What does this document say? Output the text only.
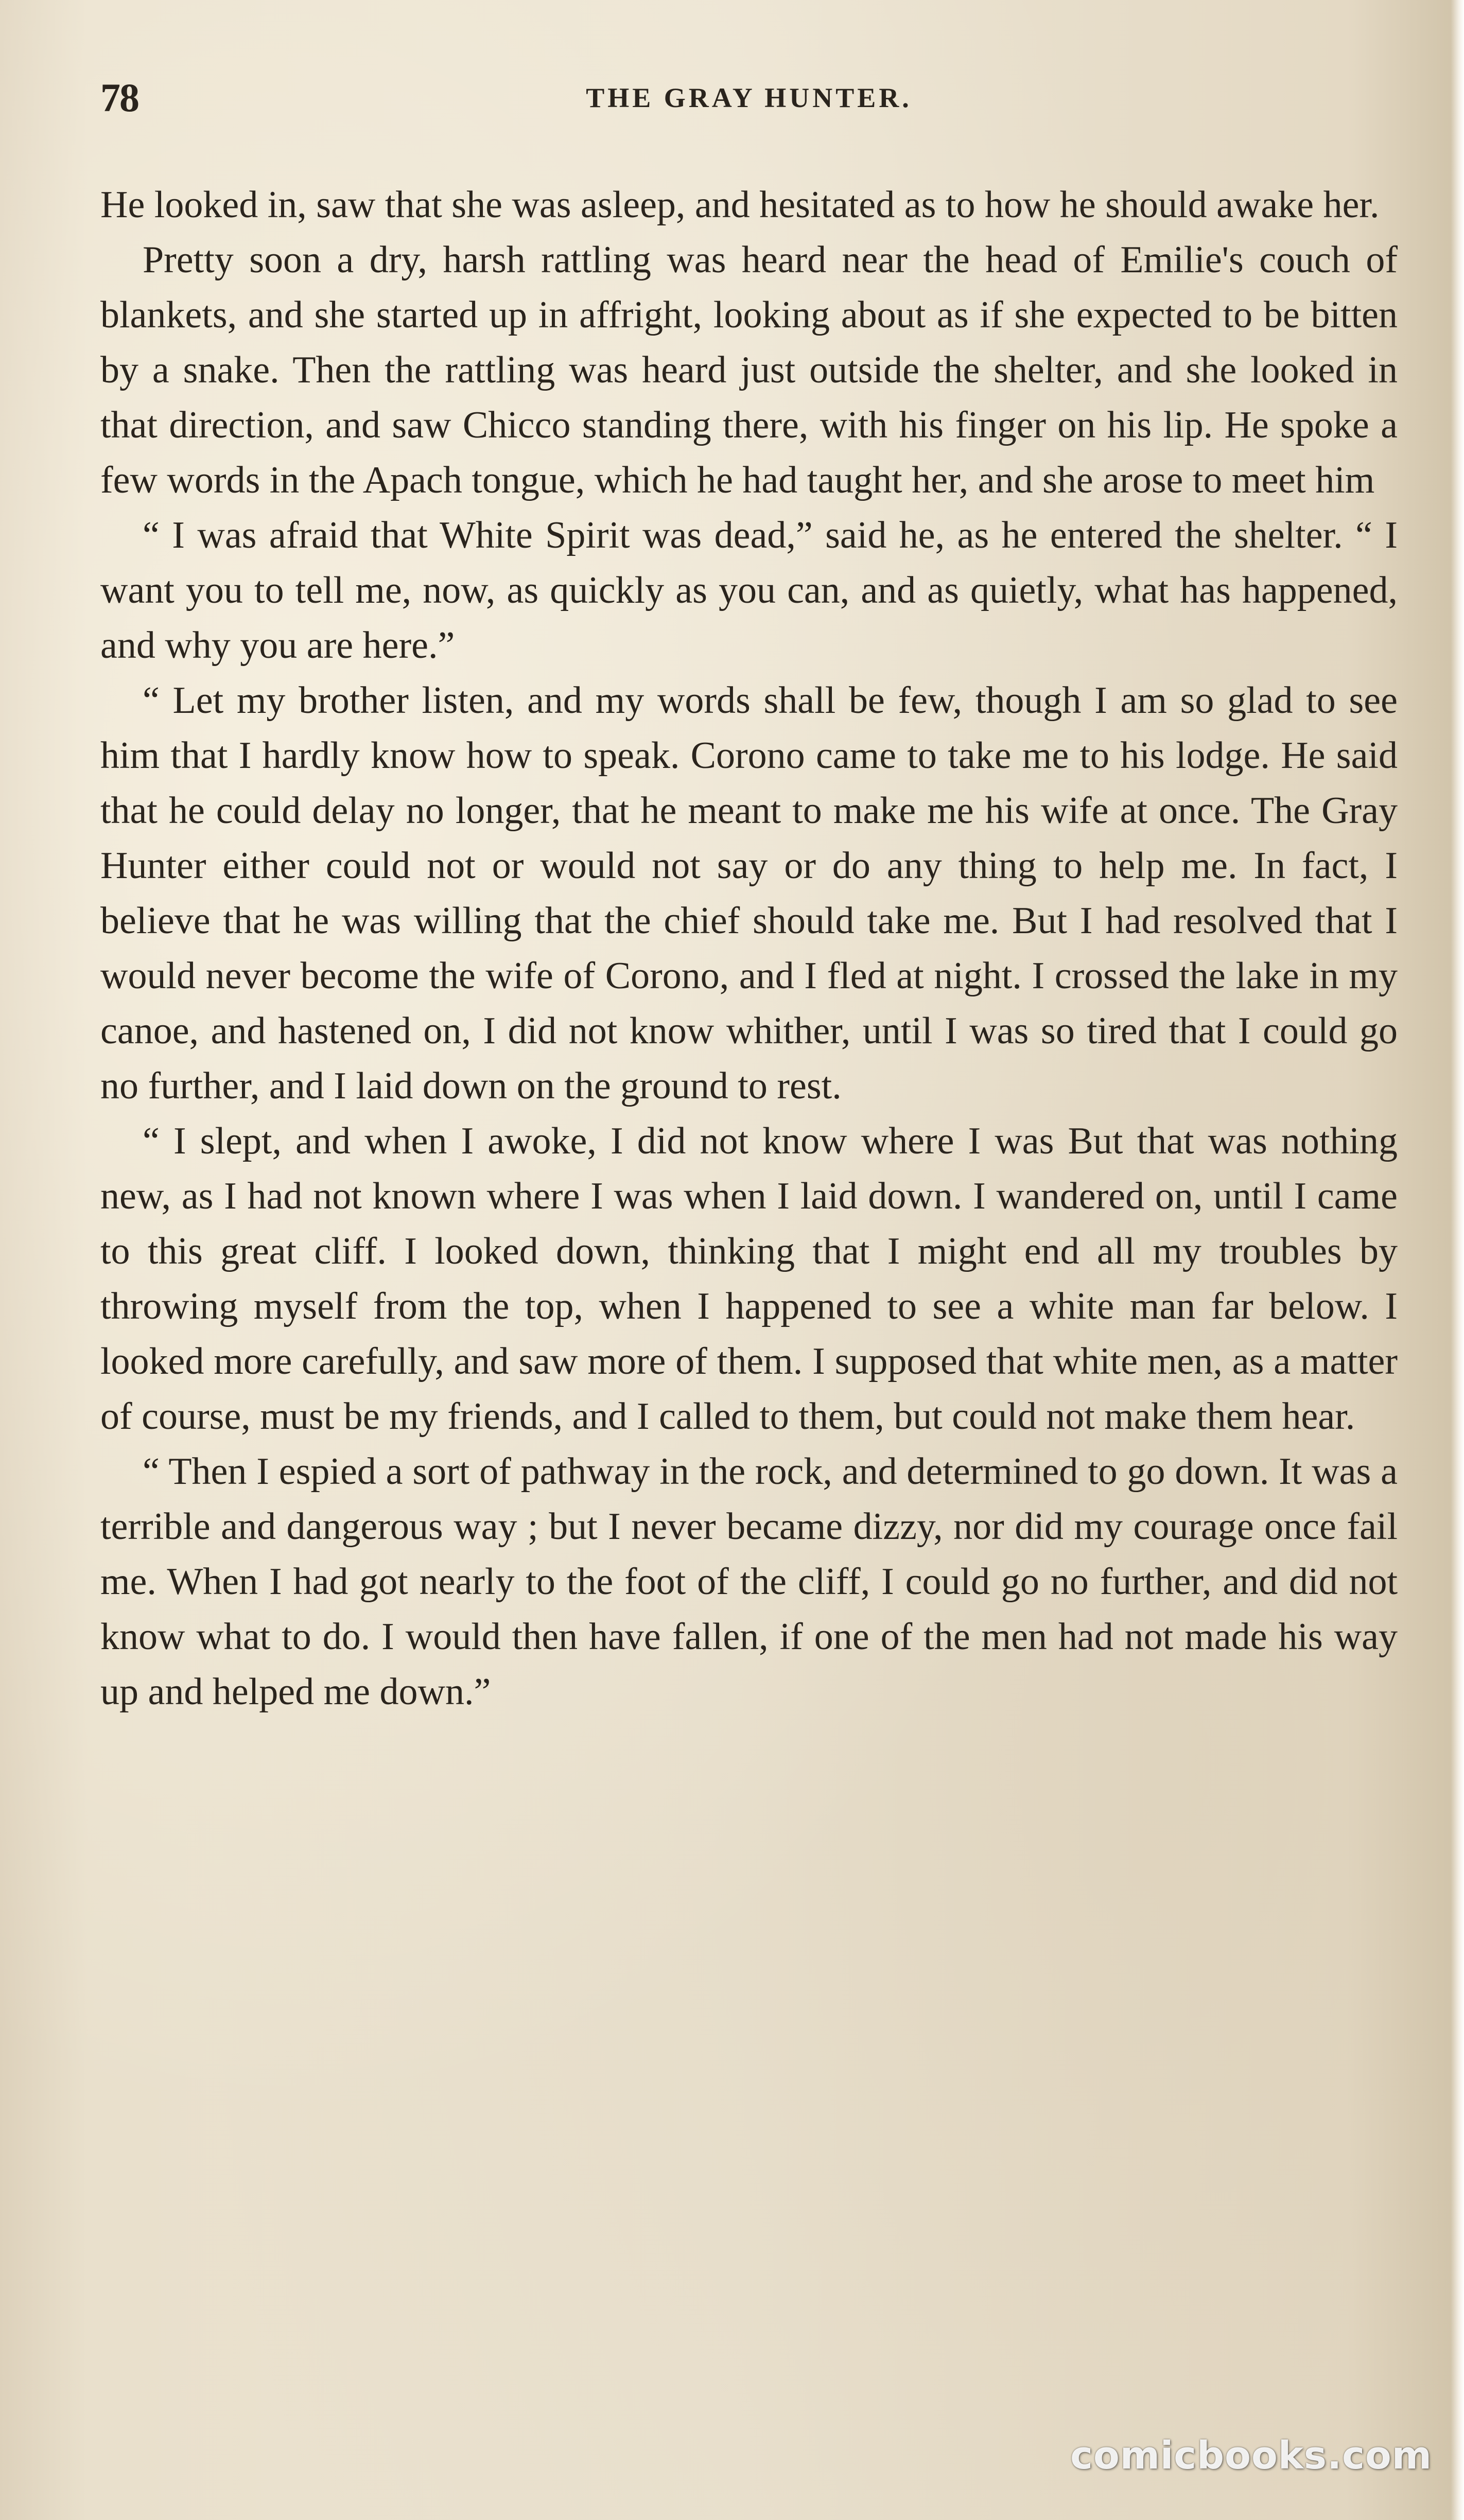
78	THE GRAY HUNTER.

He looked in, saw that she was asleep, and hesitated as to how he should awake her.

Pretty soon a dry, harsh rattling was heard near the head of Emilie's couch of blankets, and she started up in affright, looking about as if she expected to be bitten by a snake. Then the rattling was heard just outside the shelter, and she looked in that direction, and saw Chicco standing there, with his finger on his lip. He spoke a few words in the Apach tongue, which he had taught her, and she arose to meet him

“ I was afraid that White Spirit was dead,” said he, as he entered the shelter. “ I want you to tell me, now, as quickly as you can, and as quietly, what has happened, and why you are here.”

“ Let my brother listen, and my words shall be few, though I am so glad to see him that I hardly know how to speak. Corono came to take me to his lodge. He said that he could delay no longer, that he meant to make me his wife at once. The Gray Hunter either could not or would not say or do any thing to help me. In fact, I believe that he was willing that the chief should take me. But I had resolved that I would never become the wife of Corono, and I fled at night. I crossed the lake in my canoe, and hastened on, I did not know whither, until I was so tired that I could go no further, and I laid down on the ground to rest.

“ I slept, and when I awoke, I did not know where I was But that was nothing new, as I had not known where I was when I laid down. I wandered on, until I came to this great cliff. I looked down, thinking that I might end all my troubles by throwing myself from the top, when I happened to see a white man far below. I looked more carefully, and saw more of them. I supposed that white men, as a matter of course, must be my friends, and I called to them, but could not make them hear.

“ Then I espied a sort of pathway in the rock, and determined to go down. It was a terrible and dangerous way ; but I never became dizzy, nor did my courage once fail me. When I had got nearly to the foot of the cliff, I could go no further, and did not know what to do. I would then have fallen, if one of the men had not made his way up and helped me down.”

comicbooks.com
